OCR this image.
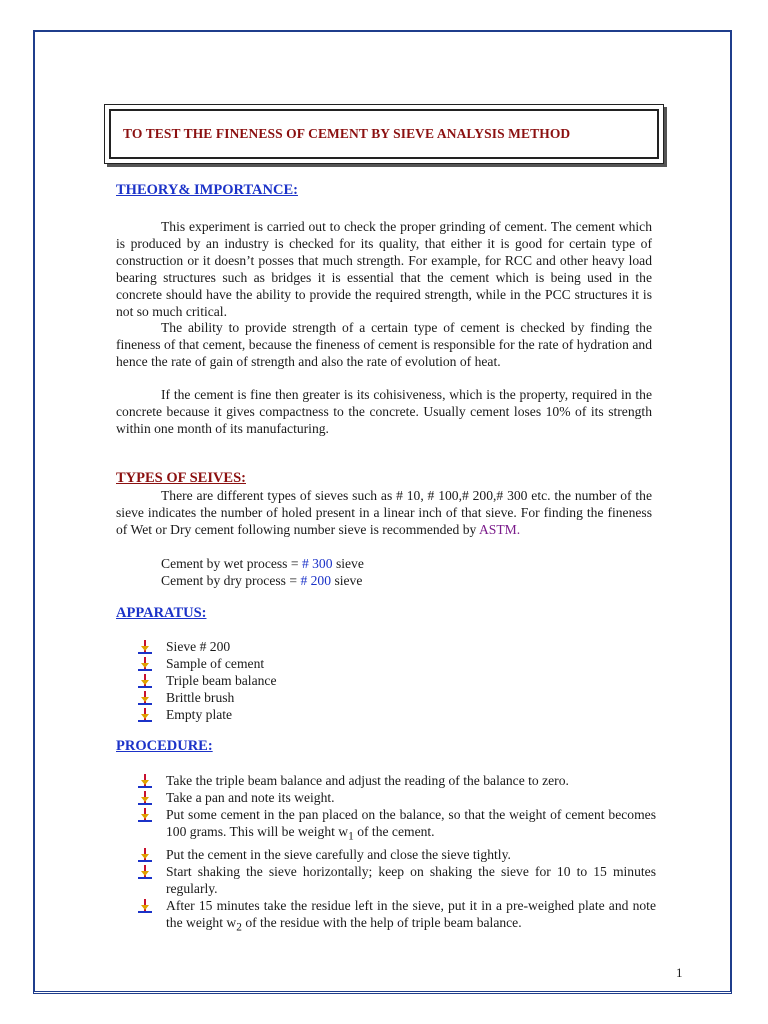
TO TEST THE FINENESS OF CEMENT BY SIEVE ANALYSIS METHOD
THEORY& IMPORTANCE:

This experiment is carried out to check the proper grinding of cement. The cement which is produced by an industry is checked for its quality, that either it is good for certain type of construction or it doesn’t posses that much strength. For example, for RCC and other heavy load bearing structures such as bridges it is essential that the cement which is being used in the concrete should have the ability to provide the required strength, while in the PCC structures it is not so much critical.

The ability to provide strength of a certain type of cement is checked by finding the fineness of that cement, because the fineness of cement is responsible for the rate of hydration and hence the rate of gain of strength and also the rate of evolution of heat.

If the cement is fine then greater is its cohisiveness, which is the property, required in the concrete because it gives compactness to the concrete. Usually cement loses 10% of its strength within one month of its manufacturing.

TYPES OF SEIVES:

There are different types of sieves such as # 10, # 100,# 200,# 300 etc. the number of the sieve indicates the number of holed present in a linear inch of that sieve. For finding the fineness of Wet or Dry cement following number sieve is recommended by ASTM.

Cement by wet process = # 300 sieve

Cement by dry process = # 200 sieve

APPARATUS:
Sieve # 200
Sample of cement
Triple beam balance
Brittle brush
Empty plate
PROCEDURE:
Take the triple beam balance and adjust the reading of the balance to zero.
Take a pan and note its weight.
Put some cement in the pan placed on the balance, so that the weight of cement becomes 100 grams. This will be weight $w_1$ of the cement.
Put the cement in the sieve carefully and close the sieve tightly.
Start shaking the sieve horizontally; keep on shaking the sieve for 10 to 15 minutes regularly.
After 15 minutes take the residue left in the sieve, put it in a pre-weighed plate and note the weight $w_2$ of the residue with the help of triple beam balance.
1
